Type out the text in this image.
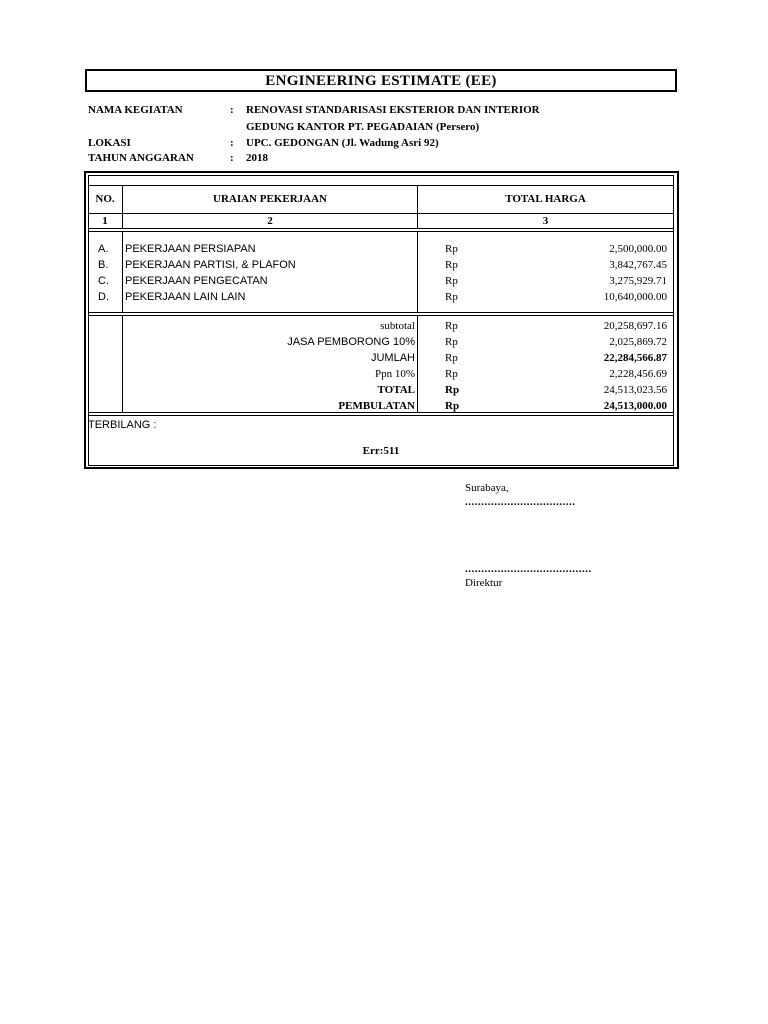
ENGINEERING ESTIMATE (EE)
NAMA KEGIATAN	: RENOVASI STANDARISASI EKSTERIOR DAN INTERIOR
GEDUNG KANTOR PT. PEGADAIAN (Persero)
LOKASI	: UPC. GEDONGAN (Jl. Wadung Asri 92)
TAHUN ANGGARAN	: 2018
NO.	URAIAN PEKERJAAN	TOTAL HARGA
1	2	3
A. PEKERJAAN PERSIAPAN	Rp	2,500,000.00
B. PEKERJAAN PARTISI, & PLAFON	Rp	3,842,767.45
C. PEKERJAAN PENGECATAN	Rp	3,275,929.71
D. PEKERJAAN LAIN LAIN	Rp	10,640,000.00
subtotal	Rp	20,258,697.16
JASA PEMBORONG 10%	Rp	2,025,869.72
JUMLAH	Rp	22,284,566.87
Ppn 10%	Rp	2,228,456.69
TOTAL	Rp	24,513,023.56
PEMBULATAN	Rp	24,513,000.00
TERBILANG :
Err:511
Surabaya,
..................................
.......................................
Direktur
